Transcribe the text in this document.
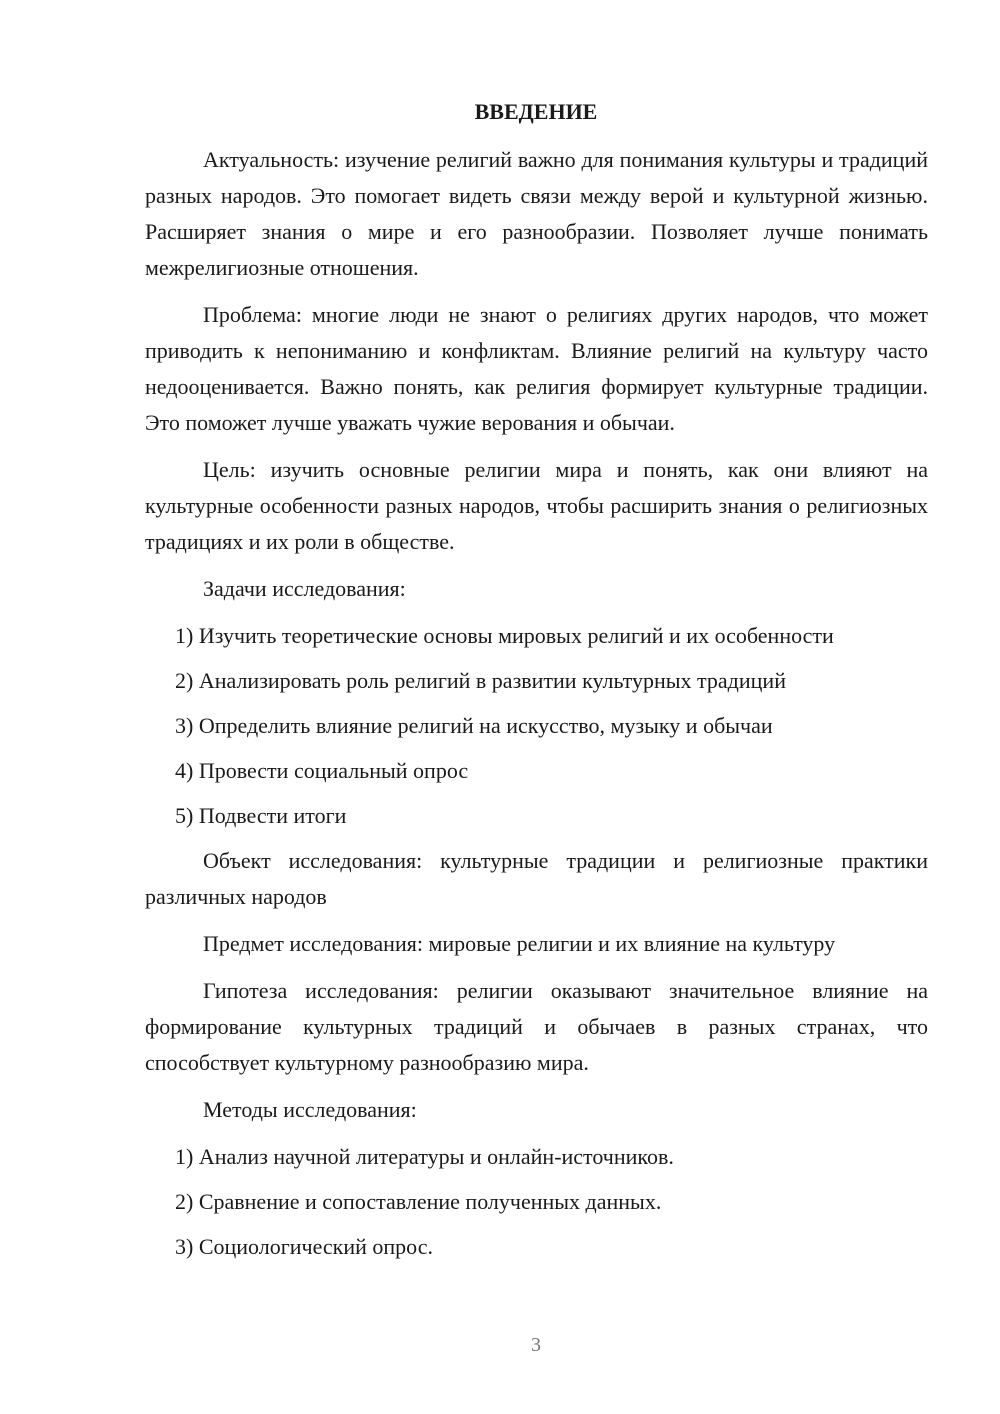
ВВЕДЕНИЕ

Актуальность: изучение религий важно для понимания культуры и традиций разных народов. Это помогает видеть связи между верой и культурной жизнью. Расширяет знания о мире и его разнообразии. Позволяет лучше понимать межрелигиозные отношения.

Проблема: многие люди не знают о религиях других народов, что может приводить к непониманию и конфликтам. Влияние религий на культуру часто недооценивается. Важно понять, как религия формирует культурные традиции. Это поможет лучше уважать чужие верования и обычаи.

Цель: изучить основные религии мира и понять, как они влияют на культурные особенности разных народов, чтобы расширить знания о религиозных традициях и их роли в обществе.

Задачи исследования:

1) Изучить теоретические основы мировых религий и их особенности
2) Анализировать роль религий в развитии культурных традиций
3) Определить влияние религий на искусство, музыку и обычаи
4) Провести социальный опрос
5) Подвести итоги

Объект исследования: культурные традиции и религиозные практики различных народов

Предмет исследования: мировые религии и их влияние на культуру

Гипотеза исследования: религии оказывают значительное влияние на формирование культурных традиций и обычаев в разных странах, что способствует культурному разнообразию мира.

Методы исследования:

1) Анализ научной литературы и онлайн-источников.
2) Сравнение и сопоставление полученных данных.
3) Социологический опрос.
3
